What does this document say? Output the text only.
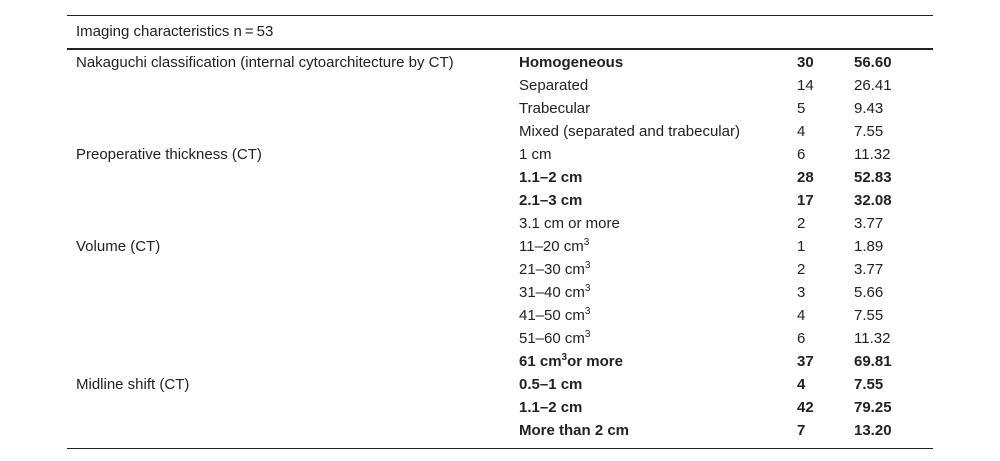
Imaging characteristics n = 53
Nakaguchi classification (internal cytoarchitecture by CT)	Homogeneous	30	56.60
	Separated	14	26.41
	Trabecular	5	9.43
	Mixed (separated and trabecular)	4	7.55
Preoperative thickness (CT)	1 cm	6	11.32
	1.1–2 cm	28	52.83
	2.1–3 cm	17	32.08
	3.1 cm or more	2	3.77
Volume (CT)	11–20 $cm^3$	1	1.89
	21–30 $cm^3$	2	3.77
	31–40 $cm^3$	3	5.66
	41–50 $cm^3$	4	7.55
	51–60 $cm^3$	6	11.32
	61 $cm^3or$ more	37	69.81
Midline shift (CT)	0.5–1 cm	4	7.55
	1.1–2 cm	42	79.25
	More than 2 cm	7	13.20
